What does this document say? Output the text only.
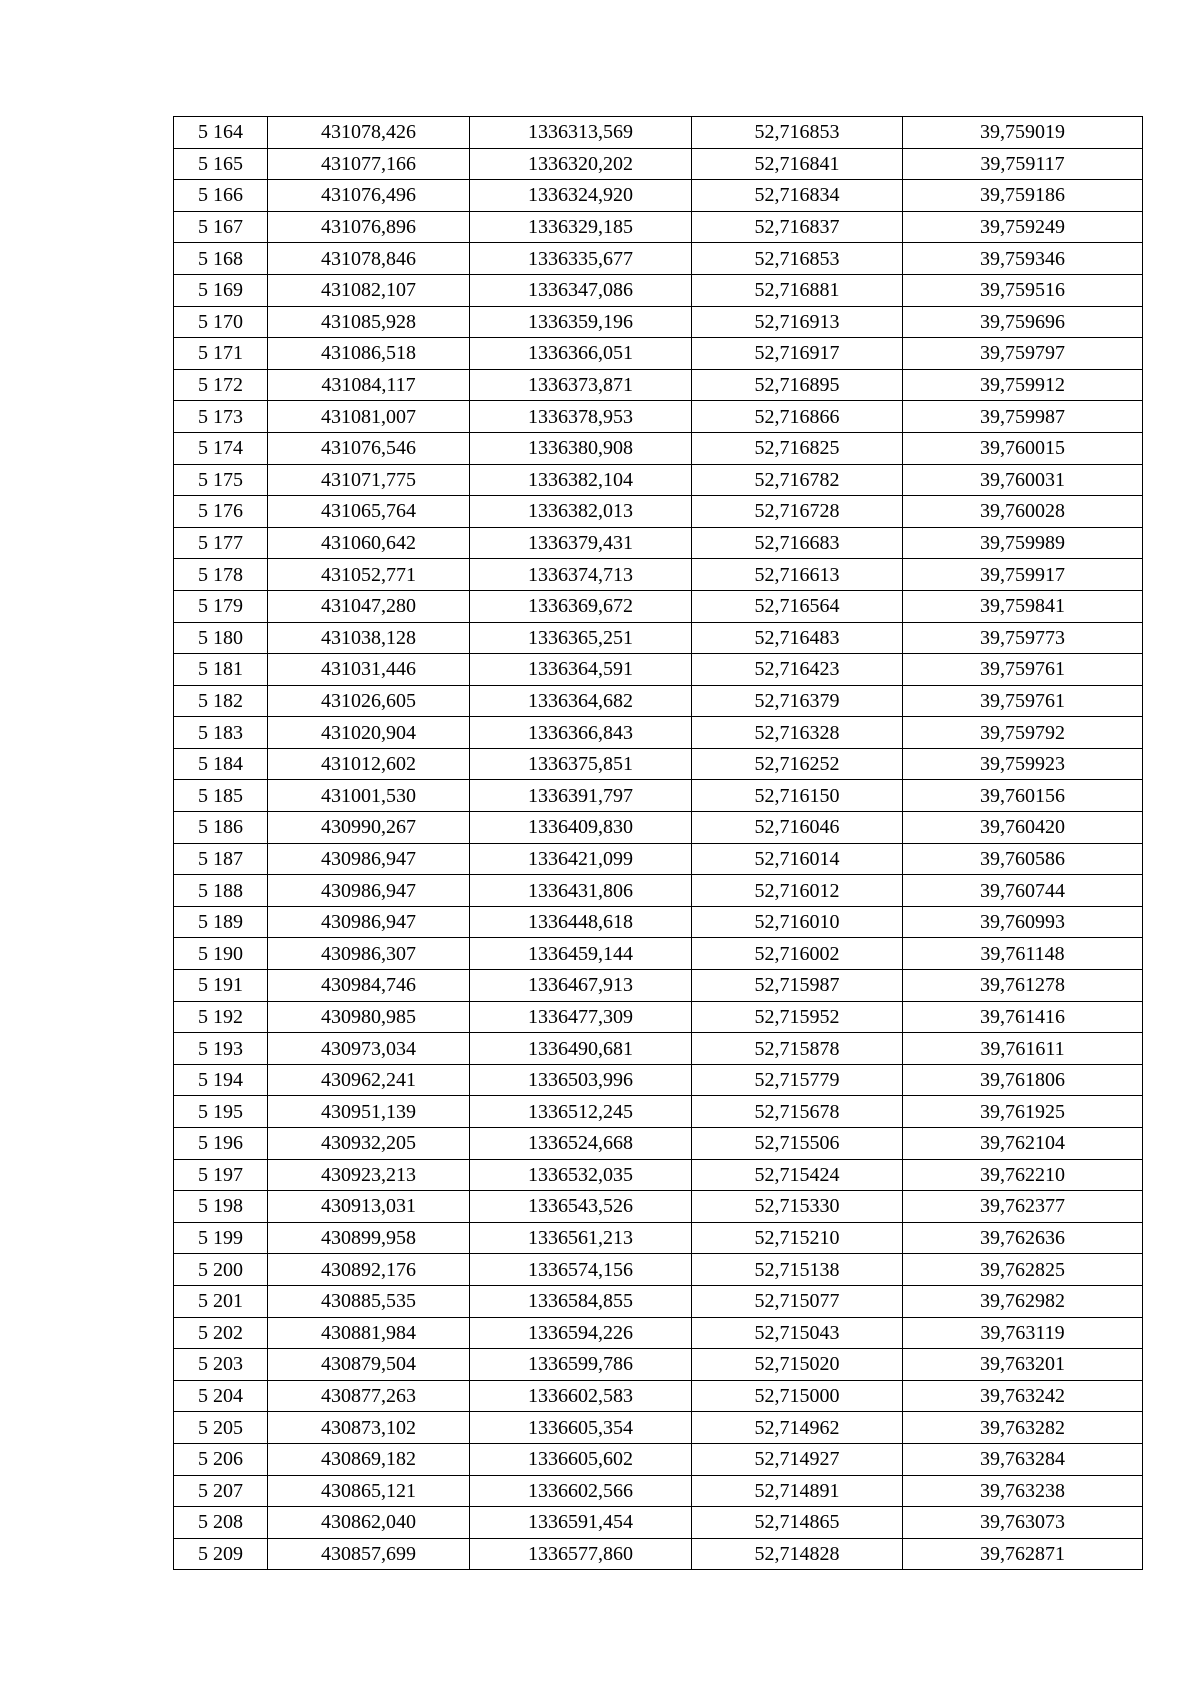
5 164	431078,426	1336313,569	52,716853	39,759019
5 165	431077,166	1336320,202	52,716841	39,759117
5 166	431076,496	1336324,920	52,716834	39,759186
5 167	431076,896	1336329,185	52,716837	39,759249
5 168	431078,846	1336335,677	52,716853	39,759346
5 169	431082,107	1336347,086	52,716881	39,759516
5 170	431085,928	1336359,196	52,716913	39,759696
5 171	431086,518	1336366,051	52,716917	39,759797
5 172	431084,117	1336373,871	52,716895	39,759912
5 173	431081,007	1336378,953	52,716866	39,759987
5 174	431076,546	1336380,908	52,716825	39,760015
5 175	431071,775	1336382,104	52,716782	39,760031
5 176	431065,764	1336382,013	52,716728	39,760028
5 177	431060,642	1336379,431	52,716683	39,759989
5 178	431052,771	1336374,713	52,716613	39,759917
5 179	431047,280	1336369,672	52,716564	39,759841
5 180	431038,128	1336365,251	52,716483	39,759773
5 181	431031,446	1336364,591	52,716423	39,759761
5 182	431026,605	1336364,682	52,716379	39,759761
5 183	431020,904	1336366,843	52,716328	39,759792
5 184	431012,602	1336375,851	52,716252	39,759923
5 185	431001,530	1336391,797	52,716150	39,760156
5 186	430990,267	1336409,830	52,716046	39,760420
5 187	430986,947	1336421,099	52,716014	39,760586
5 188	430986,947	1336431,806	52,716012	39,760744
5 189	430986,947	1336448,618	52,716010	39,760993
5 190	430986,307	1336459,144	52,716002	39,761148
5 191	430984,746	1336467,913	52,715987	39,761278
5 192	430980,985	1336477,309	52,715952	39,761416
5 193	430973,034	1336490,681	52,715878	39,761611
5 194	430962,241	1336503,996	52,715779	39,761806
5 195	430951,139	1336512,245	52,715678	39,761925
5 196	430932,205	1336524,668	52,715506	39,762104
5 197	430923,213	1336532,035	52,715424	39,762210
5 198	430913,031	1336543,526	52,715330	39,762377
5 199	430899,958	1336561,213	52,715210	39,762636
5 200	430892,176	1336574,156	52,715138	39,762825
5 201	430885,535	1336584,855	52,715077	39,762982
5 202	430881,984	1336594,226	52,715043	39,763119
5 203	430879,504	1336599,786	52,715020	39,763201
5 204	430877,263	1336602,583	52,715000	39,763242
5 205	430873,102	1336605,354	52,714962	39,763282
5 206	430869,182	1336605,602	52,714927	39,763284
5 207	430865,121	1336602,566	52,714891	39,763238
5 208	430862,040	1336591,454	52,714865	39,763073
5 209	430857,699	1336577,860	52,714828	39,762871
